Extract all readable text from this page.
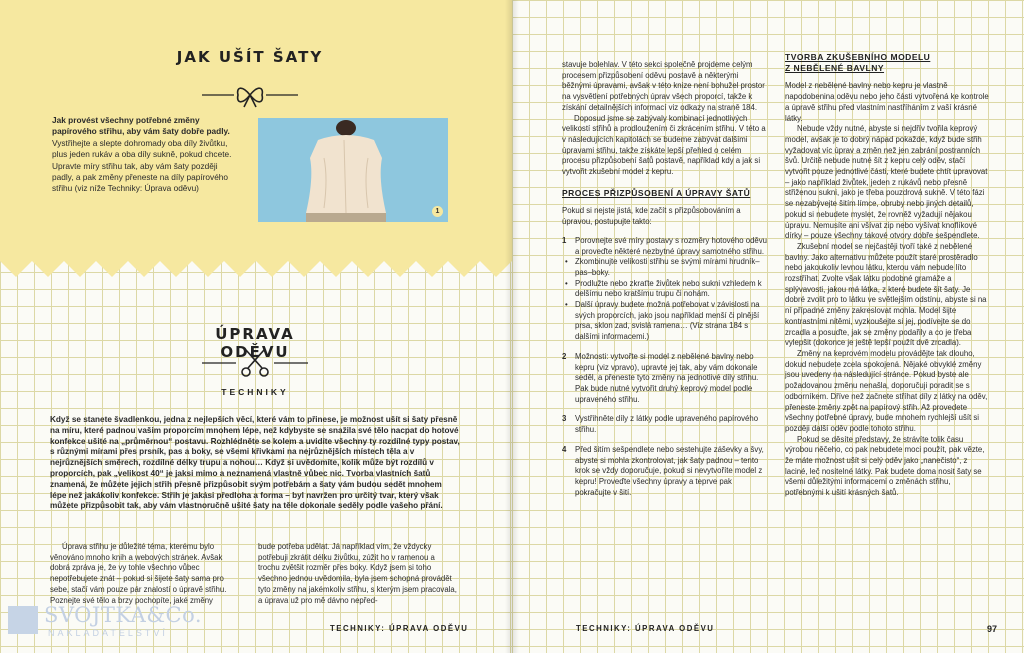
JAK UŠÍT ŠATY
Jak provést všechny potřebné změny papírového střihu, aby vám šaty dobře padly. Vystřihejte a slepte dohromady oba díly živůtku, plus jeden rukáv a oba díly sukně, pokud chcete. Upravte míry střihu tak, aby vám šaty později padly, a pak změny přeneste na díly papírového střihu (viz níže Techniky: Úprava oděvu)
1
ÚPRAVA ODĚVU
TECHNIKY
Když se stanete švadlenkou, jedna z nejlepších věcí, které vám to přinese, je možnost ušít si šaty přesně na míru, které padnou vašim proporcím mnohem lépe, než kdybyste se snažila své tělo nacpat do hotové konfekce ušité na „průměrnou“ postavu. Rozhlédněte se kolem a uvidíte všechny ty rozdílné typy postav, s různými mírami přes prsník, pas a boky, se všemi křivkami na nejrůznějších místech těla a v nejrůznějších směrech, rozdílné délky trupu a nohou… Když si uvědomíte, kolik může být rozdílů v proporcích, pak „velikost 40“ je jaksi mimo a neznamená vlastně vůbec nic. Tvorba vlastních šatů znamená, že můžete jejich střih přesně přizpůsobit svým potřebám a šaty vám budou sedět mnohem lépe než jakákoliv konfekce. Střih je jakási předloha a forma – byl navržen pro určitý tvar, který však můžete přizpůsobit tak, aby vám vlastnoručně ušité šaty na těle dokonale seděly podle vašeho přání.

Úprava střihu je důležité téma, kterému bylo věnováno mnoho knih a webových stránek. Avšak dobrá zpráva je, že vy tohle všechno vůbec nepotřebujete znát – pokud si šijete šaty sama pro sebe, stačí vám pouze pár znalostí o úpravě střihu. Poznejte své tělo a brzy pochopíte, jaké změny

bude potřeba udělat. Já například vím, že vždycky potřebuji zkrátit délku živůtku, zúžit ho v ramenou a trochu zvětšit rozměr přes boky. Když jsem si toho všechno jednou uvědomila, byla jsem schopná provádět tyto změny na jakémkoliv střihu, s kterým jsem pracovala, a úprava už pro mě dávno nepřed-

TECHNIKY: ÚPRAVA ODĚVU
SVOJTKA&Co.
NAKLADATELSTVÍ

stavuje bolehlav. V této sekci společně projdeme celým procesem přizpůsobení oděvu postavě a některými běžnými úpravami, avšak v této knize není bohužel prostor na vysvětlení potřebných úprav všech proporcí, takže k získání detailnějších informací viz odkazy na straně 184.

Doposud jsme se zabývaly kombinací jednotlivých velikostí střihů a prodloužením či zkrácením střihu. V této a v následujících kapitolách se budeme zabývat dalšími úpravami střihu, takže získáte lepší přehled o celém procesu přizpůsobení šatů postavě, například kdy a jak si vytvořit zkušební model z kepru.

PROCES PŘIZPŮSOBENÍ A ÚPRAVY ŠATŮ

Pokud si nejste jistá, kde začít s přizpůsobováním a úpravou, postupujte takto:

1 Porovnejte své míry postavy s rozměry hotového oděvu a proveďte některé nezbytné úpravy samotného střihu.
• Zkombinujte velikosti střihu se svými mírami hrudník–pas–boky.
• Prodlužte nebo zkraťte živůtek nebo sukni vzhledem k delšímu nebo kratšímu trupu či nohám.
• Další úpravy budete možná potřebovat v závislosti na svých proporcích, jako jsou například menší či plnější prsa, sklon zad, svislá ramena… (Viz strana 184 s dalšími informacemi.)
2 Možnosti: vytvořte si model z nebělené bavlny nebo kepru (viz vpravo), upravte jej tak, aby vám dokonale seděl, a přeneste tyto změny na jednotlivé díly střihu. Pak bude nutné vytvořit druhý keprový model podle upraveného střihu.
3 Vystřihněte díly z látky podle upraveného papírového střihu.
4 Před šitím sešpendlete nebo sestehujte záševky a švy, abyste si mohla zkontrolovat, jak šaty padnou – tento krok se vždy doporučuje, pokud si nevytvoříte model z kepru! Proveďte všechny úpravy a teprve pak pokračujte v šití.
TVORBA ZKUŠEBNÍHO MODELU
Z NEBĚLENÉ BAVLNY

Model z nebělené bavlny nebo kepru je vlastně napodobenina oděvu nebo jeho části vytvořená ke kontrole a úpravě střihu před vlastním nastříháním z vaší krásné látky.

Nebude vždy nutné, abyste si nejdřív tvořila keprový model, avšak je to dobrý nápad pokaždé, když bude střih vyžadovat víc úprav a změn než jen zabrání postranních švů. Určitě nebude nutné šít z kepru celý oděv, stačí vytvořit pouze jednotlivé části, které budete chtít upravovat – jako například živůtek, jeden z rukávů nebo přesně střiženou sukni, jako je třeba pouzdrová sukně. V této fázi se nezabývejte šitím límce, obruby nebo jiných detailů, pokud si nebudete myslet, že rovněž vyžadují nějakou úpravu. Nemusíte ani všívat zip nebo vyšívat knoflíkové dírky – pouze všechny takové otvory dobře sešpendlete.

Zkušební model se nejčastěji tvoří také z nebělené bavlny. Jako alternativu můžete použít staré prostěradlo nebo jakoukoliv levnou látku, kterou vám nebude líto rozstříhat. Zvolte však látku podobné gramáže a splývavosti, jakou má látka, z které budete šít šaty. Je dobré zvolit pro to látku ve světlejším odstínu, abyste si na ní případné změny zakreslovat mohla. Model šijte kontrastními nitěmi, vyzkoušejte si jej, podívejte se do zrcadla a posuďte, jak se změny podařily a co je třeba vylepšit (dokonce je ještě lepší použít dvě zrcadla).

Změny na keprovém modelu provádějte tak dlouho, dokud nebudete zcela spokojená. Nějaké obvyklé změny jsou uvedeny na následující stránce. Pokud byste ale požadovanou změnu nenašla, doporučuji poradit se s odborníkem. Dříve než začnete stříhat díly z látky na oděv, přeneste změny zpět na papírový střih. Až provedete všechny potřebné úpravy, bude mnohem rychlejší ušít si později další oděv podle tohoto střihu.

Pokud se děsíte představy, že strávíte tolik času výrobou něčeho, co pak nebudete moci použít, pak vězte, že máte možnost ušít si celý oděv jako „nanečisto“, z laciné, leč nositelné látky. Pak budete doma nosit šaty se všemi důležitými informacemi o změnách střihu, potřebnými k ušití krásných šatů.

TECHNIKY: ÚPRAVA ODĚVU	97
